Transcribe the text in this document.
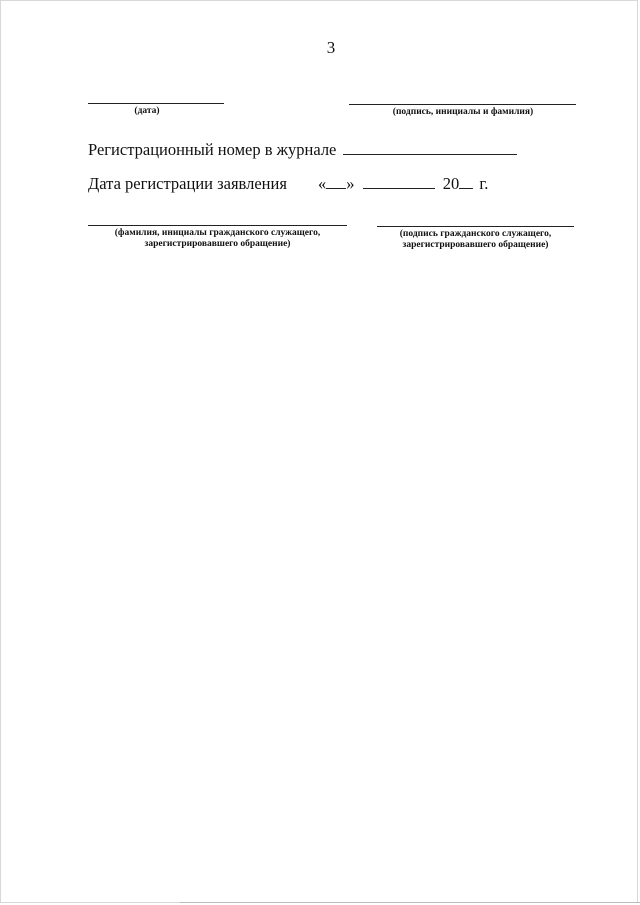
3
(дата)	(подпись, инициалы и фамилия)
Регистрационный номер в журнале
Дата регистрации заявления « »	20 г.
(фамилия, инициалы гражданского служащего,
зарегистрировавшего обращение)
(подпись гражданского служащего,
зарегистрировавшего обращение)
